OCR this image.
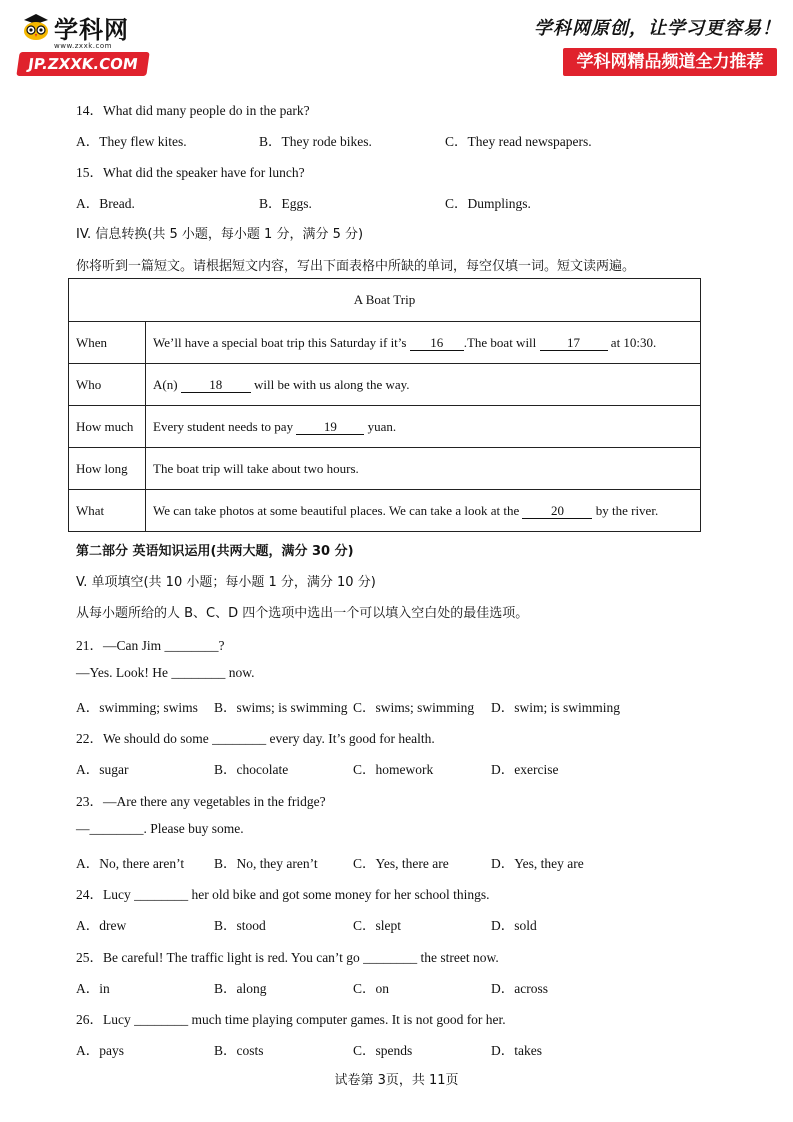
学科网
www.zxxk.com
JP.ZXXK.COM
学科网原创，让学习更容易！
学科网精品频道全力推荐
14．What did many people do in the park?
A．They flew kites.	B．They rode bikes.	C．They read newspapers.
15．What did the speaker have for lunch?
A．Bread.	B．Eggs.	C．Dumplings.
IV. 信息转换(共 5 小题，每小题 1 分，满分 5 分)
你将听到一篇短文。请根据短文内容，写出下面表格中所缺的单词，每空仅填一词。短文读两遍。
A Boat Trip	
When	We’ll have a special boat trip this Saturday if it’s 16 .The boat will 17 at 10:30.
Who	A(n) 18 will be with us along the way.
How much	Every student needs to pay 19 yuan.
How long	The boat trip will take about two hours.
What	We can take photos at some beautiful places. We can take a look at the 20 by the river.
第二部分 英语知识运用(共两大题，满分 30 分)
V. 单项填空(共 10 小题；每小题 1 分，满分 10 分)
从每小题所给的人 B、C、D 四个选项中选出一个可以填入空白处的最佳选项。
21．—Can Jim ________?
—Yes. Look! He ________ now.
A．swimming; swims B．swims; is swimming C．swims; swimming D．swim; is swimming
22．We should do some ________ every day. It’s good for health.
A．sugar	B．chocolate	C．homework	D．exercise
23．—Are there any vegetables in the fridge?
—________. Please buy some.
A．No, there aren’t B．No, they aren’t	C．Yes, there are	D．Yes, they are
24．Lucy ________ her old bike and got some money for her school things.
A．drew	B．stood	C．slept	D．sold
25．Be careful! The traffic light is red. You can’t go ________ the street now.
A．in	B．along	C．on	D．across
26．Lucy ________ much time playing computer games. It is not good for her.
A．pays	B．costs	C．spends	D．takes
试卷第 3页，共 11页
